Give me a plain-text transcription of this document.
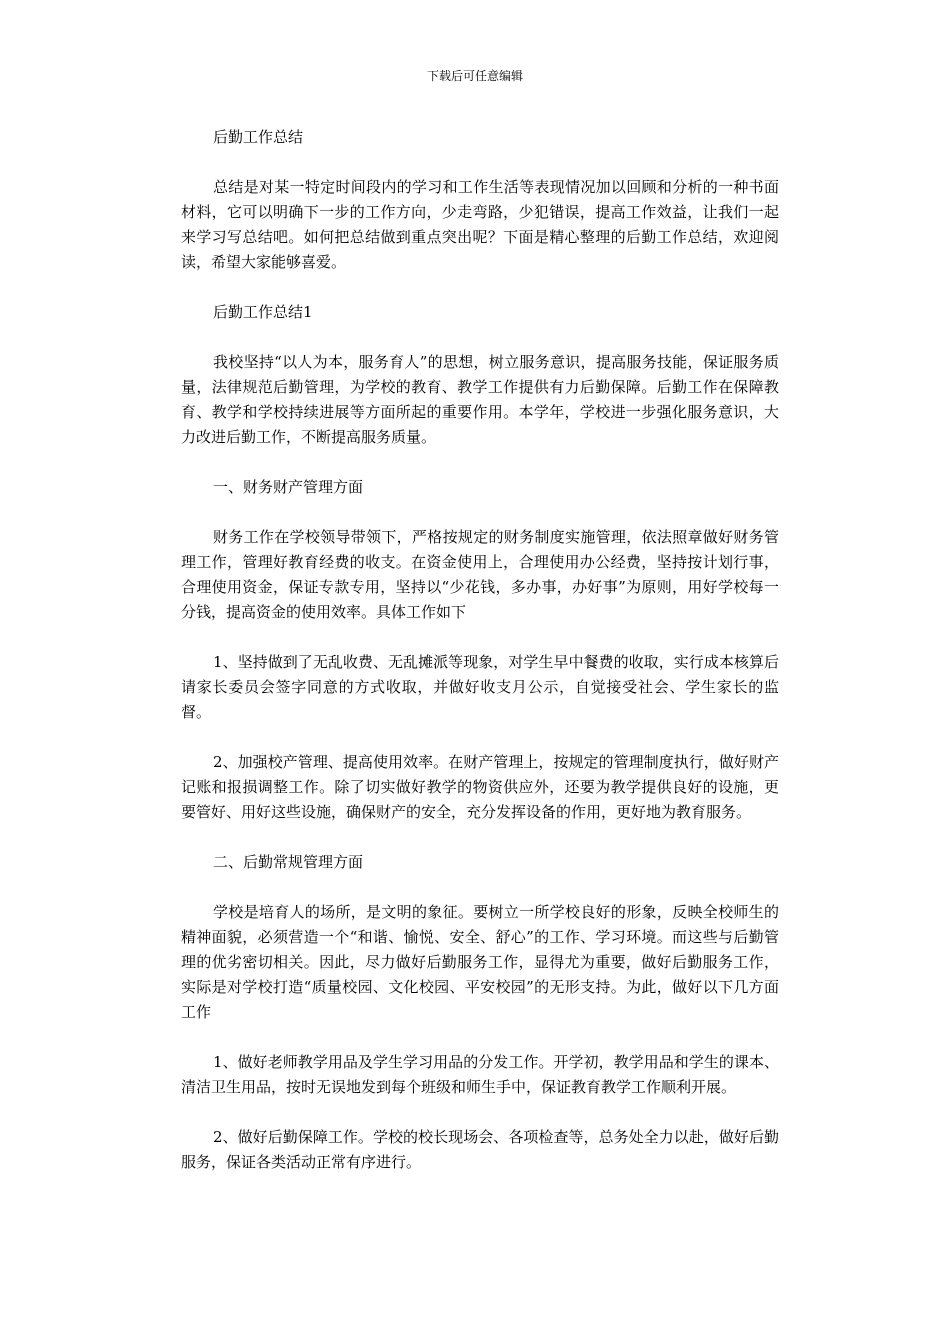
下载后可任意编辑

后勤工作总结

总结是对某一特定时间段内的学习和工作生活等表现情况加以回顾和分析的一种书面材料，它可以明确下一步的工作方向，少走弯路，少犯错误，提高工作效益，让我们一起来学习写总结吧。如何把总结做到重点突出呢？下面是精心整理的后勤工作总结，欢迎阅读，希望大家能够喜爱。

后勤工作总结1

我校坚持“以人为本，服务育人”的思想，树立服务意识，提高服务技能，保证服务质量，法律规范后勤管理，为学校的教育、教学工作提供有力后勤保障。后勤工作在保障教育、教学和学校持续进展等方面所起的重要作用。本学年，学校进一步强化服务意识，大力改进后勤工作，不断提高服务质量。

一、财务财产管理方面

财务工作在学校领导带领下，严格按规定的财务制度实施管理，依法照章做好财务管理工作，管理好教育经费的收支。在资金使用上，合理使用办公经费，坚持按计划行事，合理使用资金，保证专款专用，坚持以“少花钱，多办事，办好事”为原则，用好学校每一分钱，提高资金的使用效率。具体工作如下

1、坚持做到了无乱收费、无乱摊派等现象，对学生早中餐费的收取，实行成本核算后请家长委员会签字同意的方式收取，并做好收支月公示，自觉接受社会、学生家长的监督。

2、加强校产管理、提高使用效率。在财产管理上，按规定的管理制度执行，做好财产记账和报损调整工作。除了切实做好教学的物资供应外，还要为教学提供良好的设施，更要管好、用好这些设施，确保财产的安全，充分发挥设备的作用，更好地为教育服务。

二、后勤常规管理方面

学校是培育人的场所，是文明的象征。要树立一所学校良好的形象，反映全校师生的精神面貌，必须营造一个“和谐、愉悦、安全、舒心”的工作、学习环境。而这些与后勤管理的优劣密切相关。因此，尽力做好后勤服务工作，显得尤为重要，做好后勤服务工作，实际是对学校打造“质量校园、文化校园、平安校园”的无形支持。为此，做好以下几方面工作

1、做好老师教学用品及学生学习用品的分发工作。开学初，教学用品和学生的课本、清洁卫生用品，按时无误地发到每个班级和师生手中，保证教育教学工作顺利开展。

2、做好后勤保障工作。学校的校长现场会、各项检查等，总务处全力以赴，做好后勤服务，保证各类活动正常有序进行。
